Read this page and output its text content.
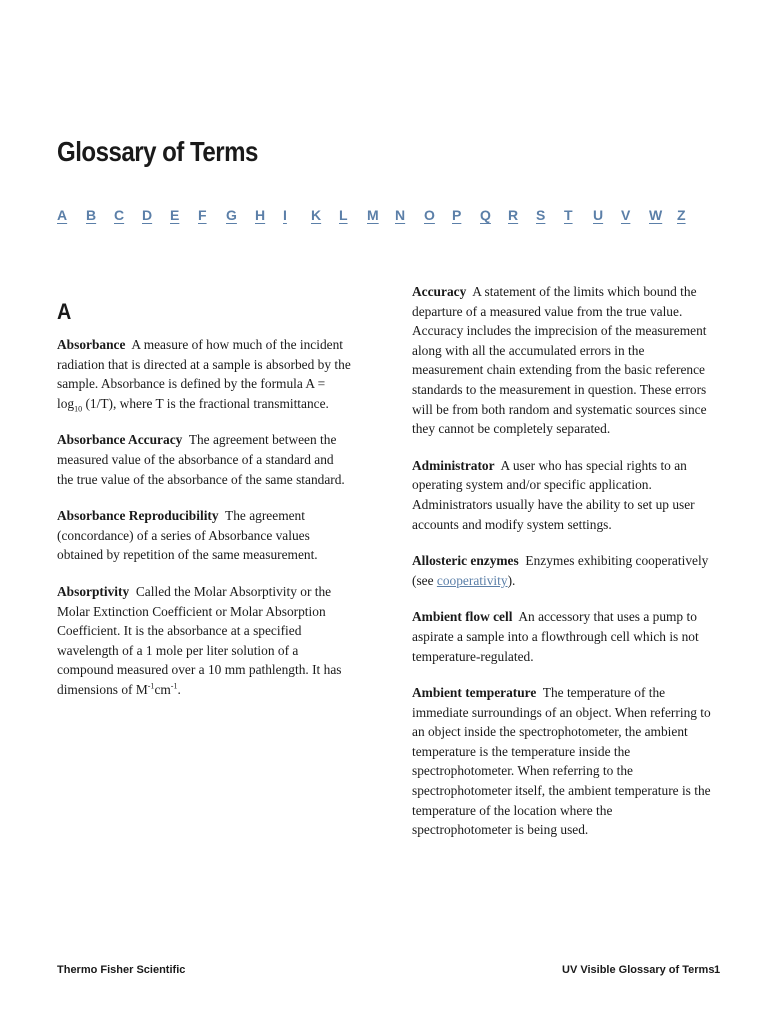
Glossary of Terms
A B C D E F G H I K L M N O P Q R S T U V W Z
A

Absorbance A measure of how much of the incident radiation that is directed at a sample is absorbed by the sample. Absorbance is defined by the formula $A = \log_{10} (1/T)$, where T is the fractional transmittance.

Absorbance Accuracy The agreement between the measured value of the absorbance of a standard and the true value of the absorbance of the same standard.

Absorbance Reproducibility The agreement (concordance) of a series of Absorbance values obtained by repetition of the same measurement.

Absorptivity Called the Molar Absorptivity or the Molar Extinction Coefficient or Molar Absorption Coefficient. It is the absorbance at a specified wavelength of a 1 mole per liter solution of a compound measured over a 10 mm pathlength. It has dimensions of $M^{-1}cm^{-1}$.

Accuracy A statement of the limits which bound the departure of a measured value from the true value. Accuracy includes the imprecision of the measurement along with all the accumulated errors in the measurement chain extending from the basic reference standards to the measurement in question. These errors will be from both random and systematic sources since they cannot be completely separated.

Administrator A user who has special rights to an operating system and/or specific application. Administrators usually have the ability to set up user accounts and modify system settings.

Allosteric enzymes Enzymes exhibiting cooperatively (see cooperativity).

Ambient flow cell An accessory that uses a pump to aspirate a sample into a flowthrough cell which is not temperature-regulated.

Ambient temperature The temperature of the immediate surroundings of an object. When referring to an object inside the spectrophotometer, the ambient temperature is the temperature inside the spectrophotometer. When referring to the spectrophotometer itself, the ambient temperature is the temperature of the location where the spectrophotometer is being used.

Thermo Fisher Scientific	UV Visible Glossary of Terms 1
